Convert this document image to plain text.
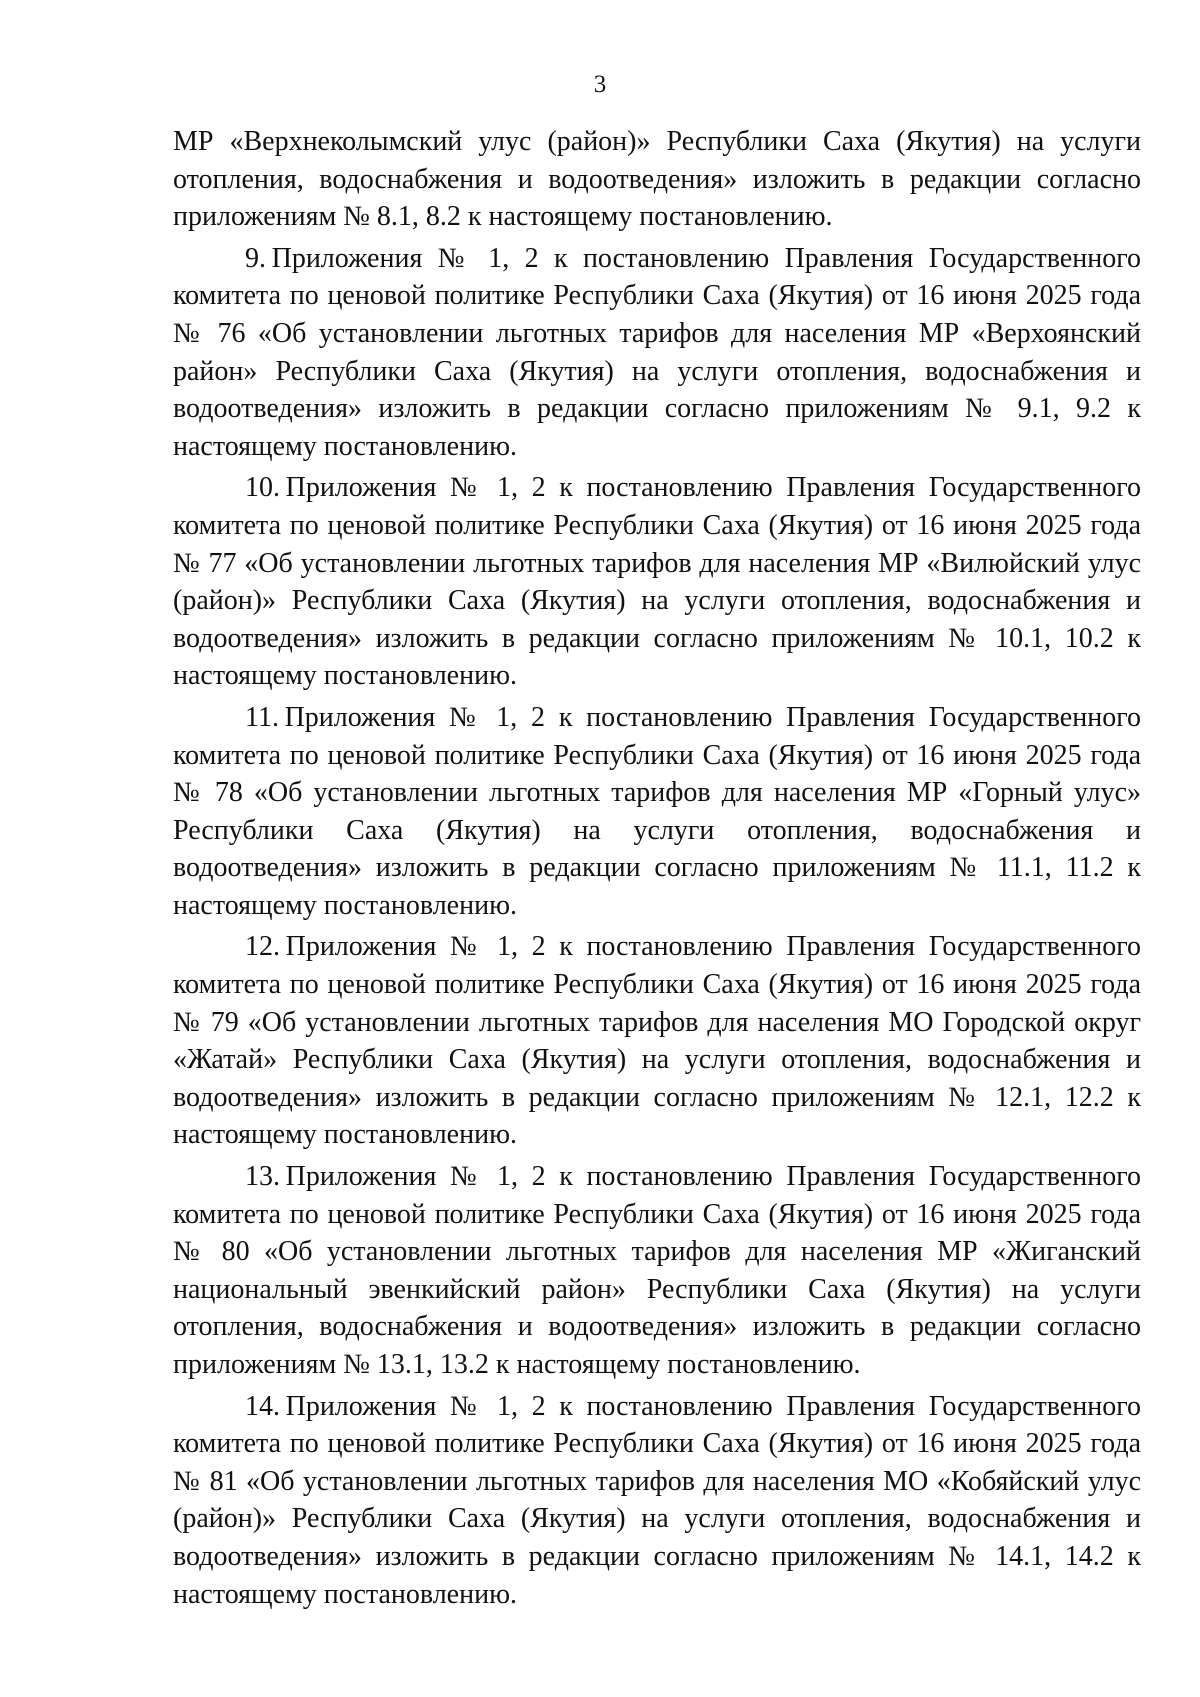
3

МР «Верхнеколымский улус (район)» Республики Саха (Якутия) на услуги отопления, водоснабжения и водоотведения» изложить в редакции согласно приложениям № 8.1, 8.2 к настоящему постановлению.

9. Приложения № 1, 2 к постановлению Правления Государственного комитета по ценовой политике Республики Саха (Якутия) от 16 июня 2025 года № 76 «Об установлении льготных тарифов для населения МР «Верхоянский район» Республики Саха (Якутия) на услуги отопления, водоснабжения и водоотведения» изложить в редакции согласно приложениям № 9.1, 9.2 к настоящему постановлению.

10. Приложения № 1, 2 к постановлению Правления Государственного комитета по ценовой политике Республики Саха (Якутия) от 16 июня 2025 года № 77 «Об установлении льготных тарифов для населения МР «Вилюйский улус (район)» Республики Саха (Якутия) на услуги отопления, водоснабжения и водоотведения» изложить в редакции согласно приложениям № 10.1, 10.2 к настоящему постановлению.

11. Приложения № 1, 2 к постановлению Правления Государственного комитета по ценовой политике Республики Саха (Якутия) от 16 июня 2025 года № 78 «Об установлении льготных тарифов для населения МР «Горный улус» Республики Саха (Якутия) на услуги отопления, водоснабжения и водоотведения» изложить в редакции согласно приложениям № 11.1, 11.2 к настоящему постановлению.

12. Приложения № 1, 2 к постановлению Правления Государственного комитета по ценовой политике Республики Саха (Якутия) от 16 июня 2025 года № 79 «Об установлении льготных тарифов для населения МО Городской округ «Жатай» Республики Саха (Якутия) на услуги отопления, водоснабжения и водоотведения» изложить в редакции согласно приложениям № 12.1, 12.2 к настоящему постановлению.

13. Приложения № 1, 2 к постановлению Правления Государственного комитета по ценовой политике Республики Саха (Якутия) от 16 июня 2025 года № 80 «Об установлении льготных тарифов для населения МР «Жиганский национальный эвенкийский район» Республики Саха (Якутия) на услуги отопления, водоснабжения и водоотведения» изложить в редакции согласно приложениям № 13.1, 13.2 к настоящему постановлению.

14. Приложения № 1, 2 к постановлению Правления Государственного комитета по ценовой политике Республики Саха (Якутия) от 16 июня 2025 года № 81 «Об установлении льготных тарифов для населения МО «Кобяйский улус (район)» Республики Саха (Якутия) на услуги отопления, водоснабжения и водоотведения» изложить в редакции согласно приложениям № 14.1, 14.2 к настоящему постановлению.
